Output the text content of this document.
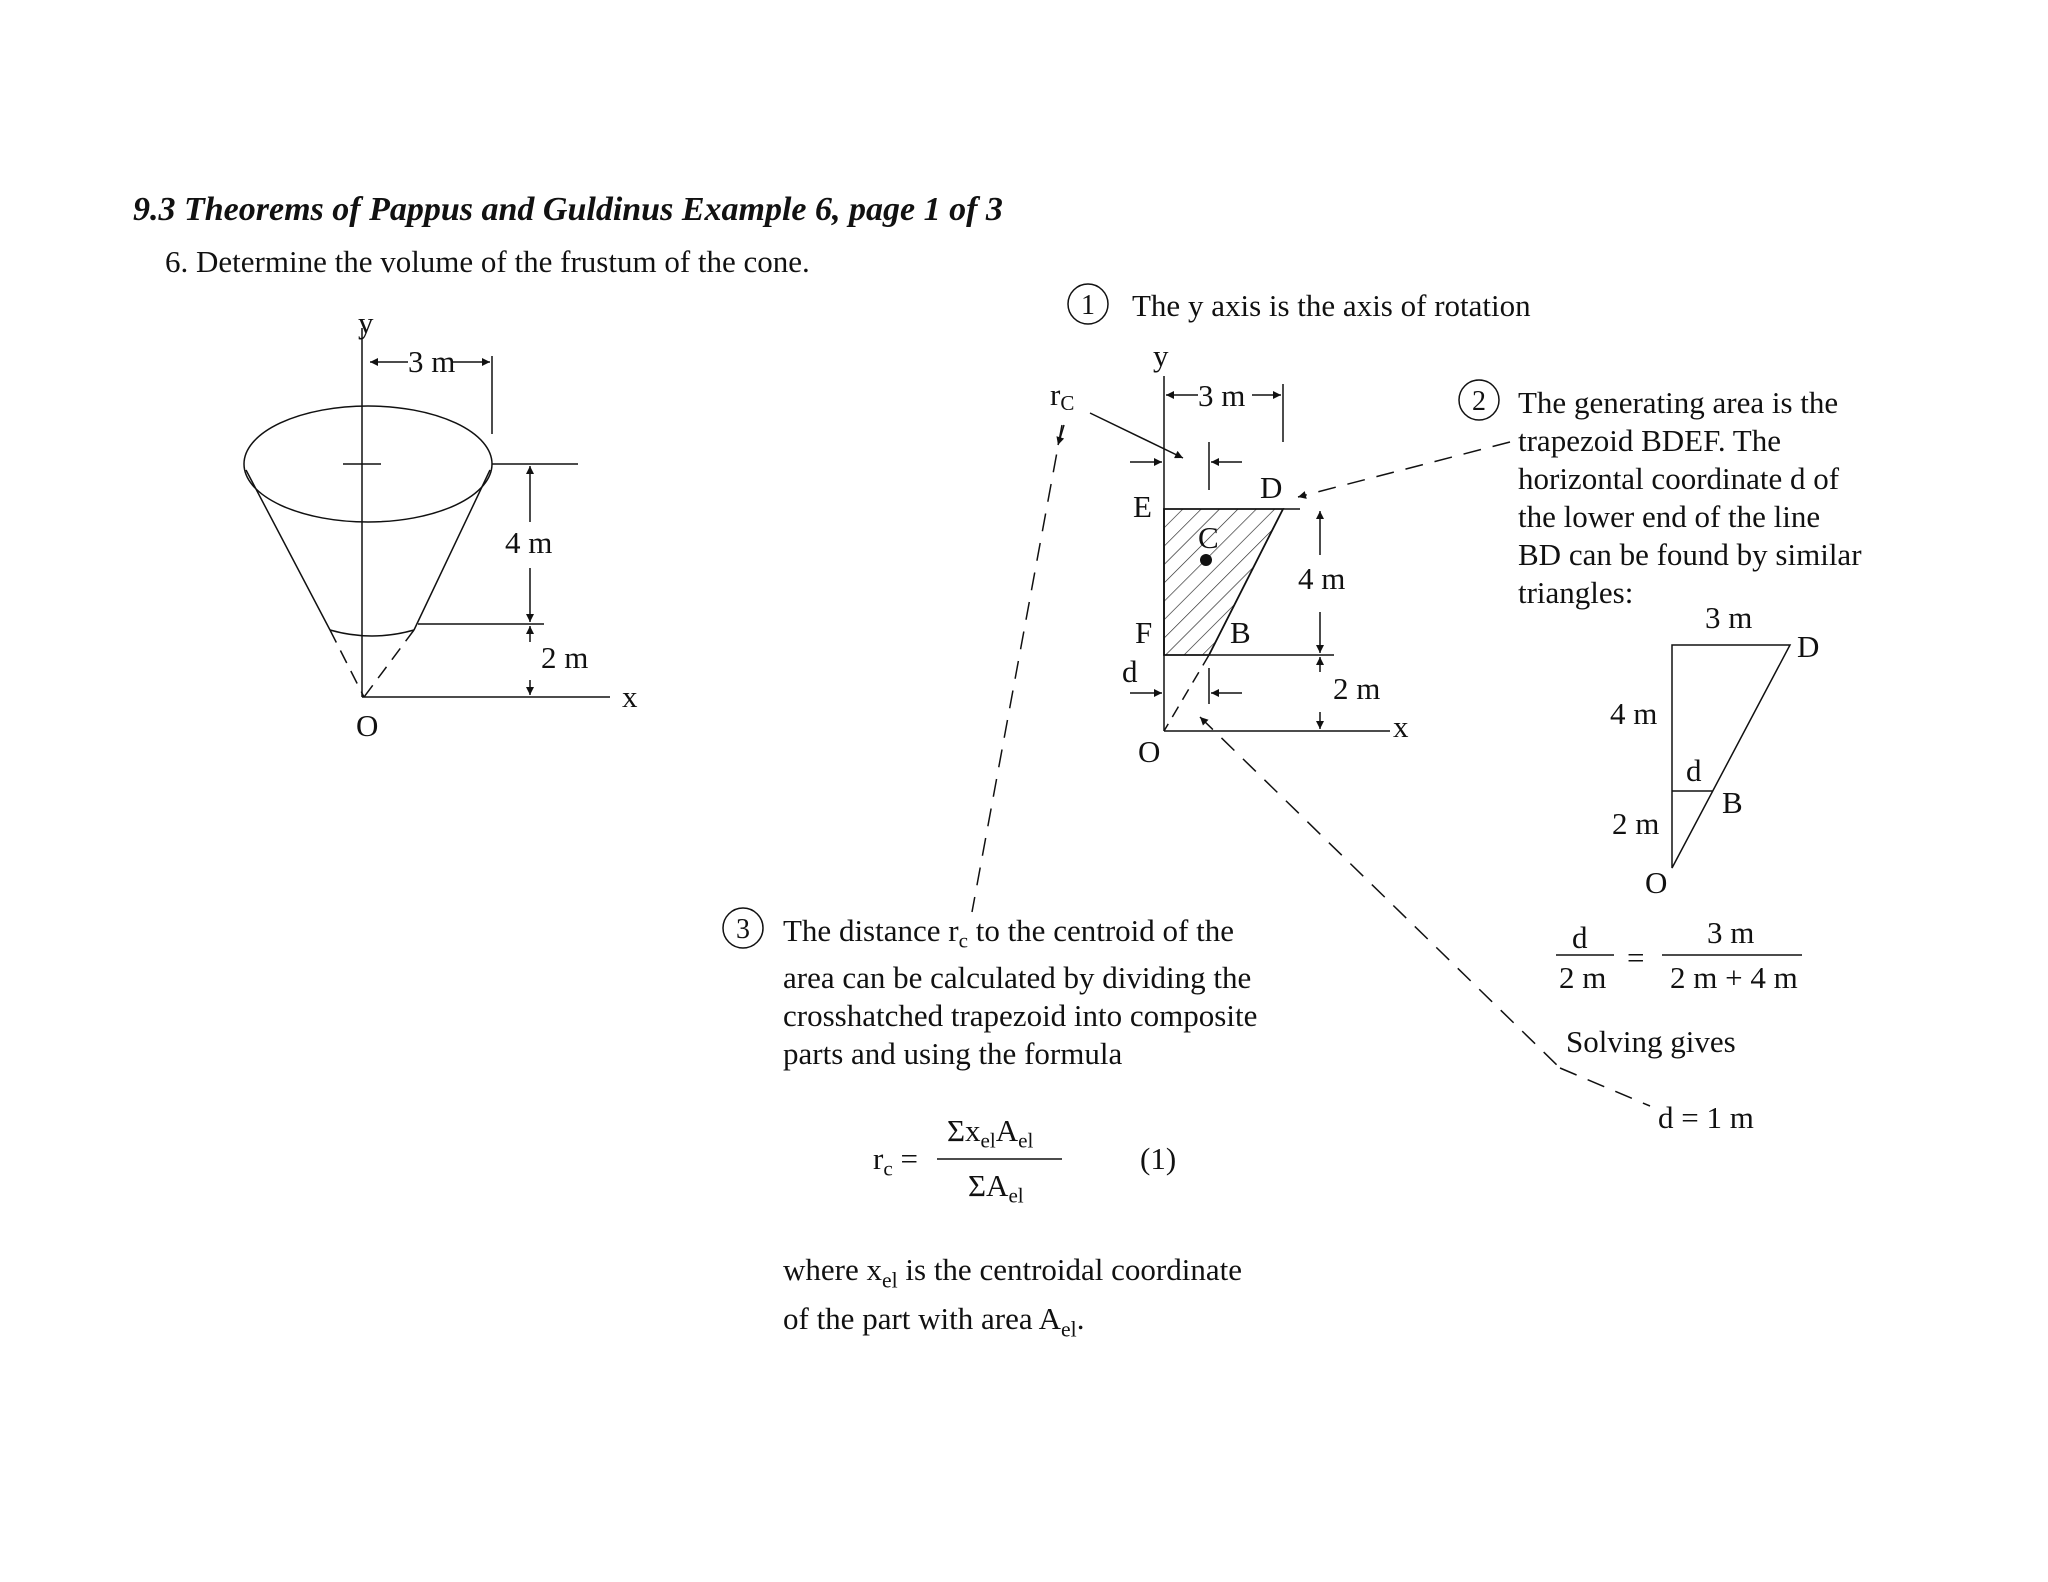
9.3 Theorems of Pappus and Guldinus Example 6, page 1 of 3
6. Determine the volume of the frustum of the cone.
y
3 m
4 m
2 m
x
O
y
3 m
rC
D
E
C
F	B
d
4 m
2 m
x
O
3 m
D
4 m
d
B
2 m
O
1
2
3
The y axis is the axis of rotation
The generating area is the
trapezoid BDEF. The
horizontal coordinate d of
the lower end of the line
BD can be found by similar
triangles:
The distance $r_c$ to the centroid of the
area can be calculated by dividing the
crosshatched trapezoid into composite
parts and using the formula
d
2 m
=
3 m
2 m + 4 m
Solving gives
d = 1 m
$r_c$ =
$\Sigma x_{el}A_{el}$
$\Sigma A_{el}$
(1)
where $x_{el}$ is the centroidal coordinate
of the part with area $A_{el}$.
